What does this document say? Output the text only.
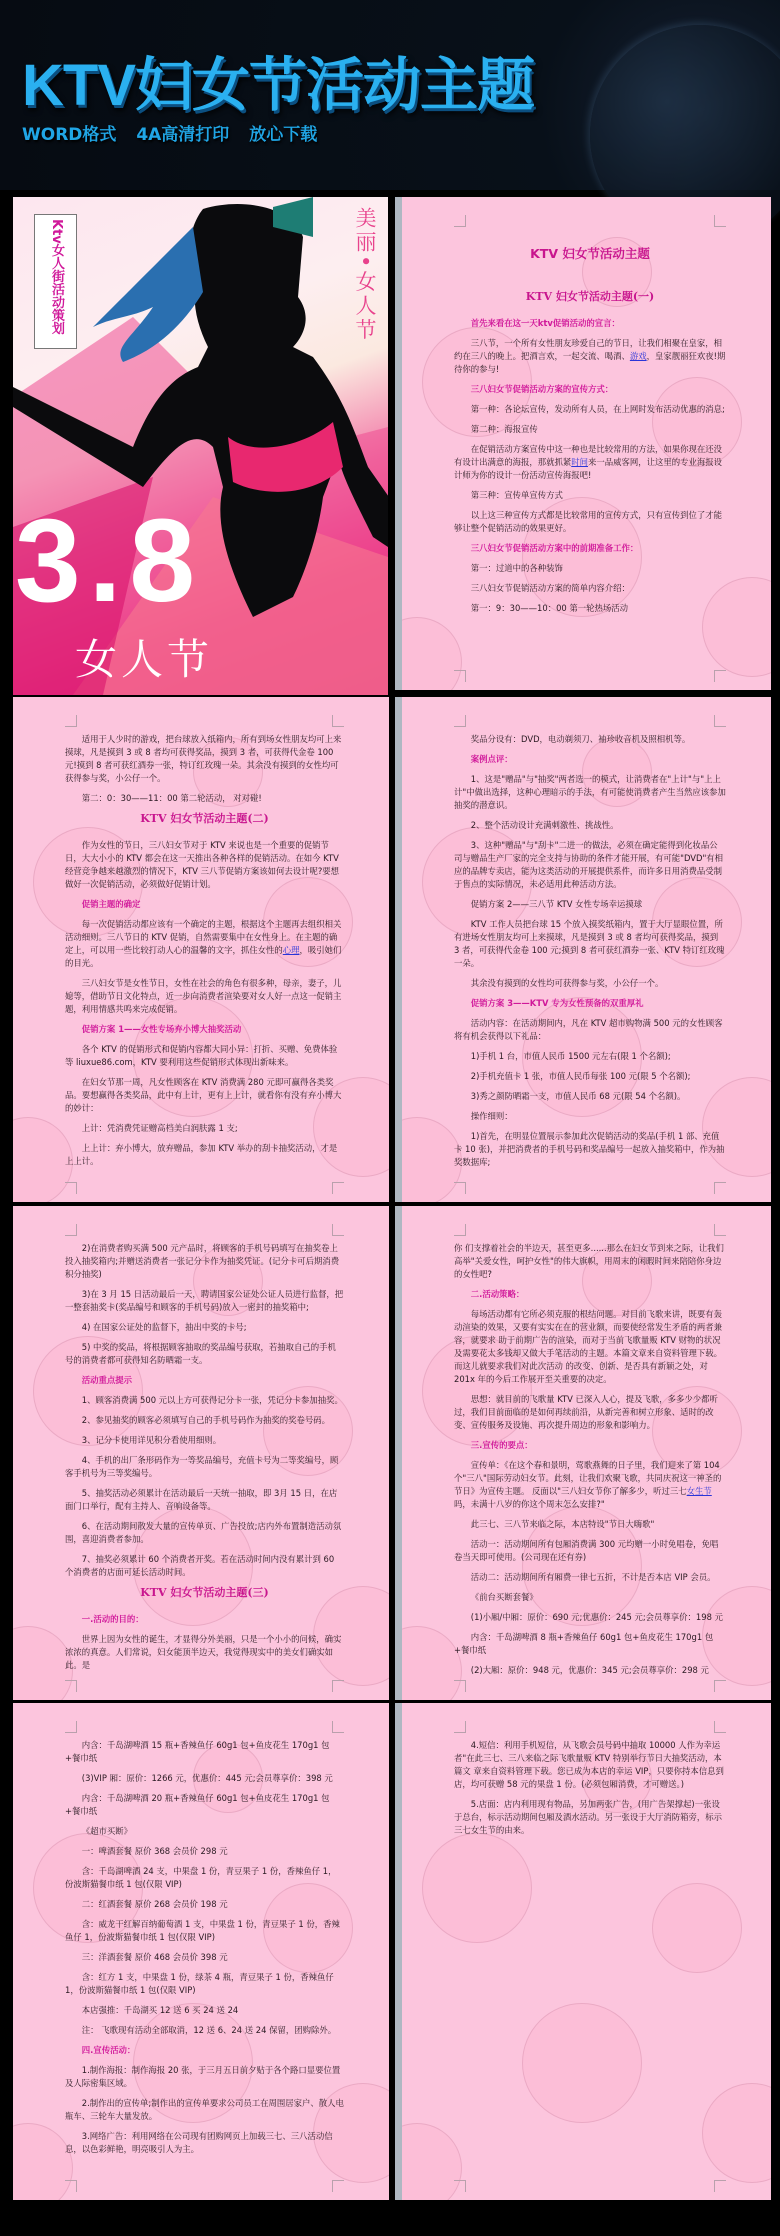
KTV妇女节活动主题
WORD格式 4A高清打印 放心下载
Ktv女人街活动策划	美丽•女人节
3.8
女人节

KTV 妇女节活动主题

KTV 妇女节活动主题(一)

首先来看在这一天ktv促销活动的宣言：

三八节，一个所有女性朋友珍爱自己的节日，让我们相聚在皇家，相约在三八的晚上。把酒言欢，一起交流、喝酒、游戏，皇家靓丽狂欢夜!期待你的参与!

三八妇女节促销活动方案的宣传方式：

第一种：各论坛宣传，发动所有人员，在上网时发布活动优惠的消息;

第二种：海报宣传

在促销活动方案宣传中这一种也是比较常用的方法，如果你现在还没有设计出满意的海报，那就抓紧时间来一品威客网，让这里的专业海报设计师为你的设计一份活动宣传海报吧!

第三种：宣传单宣传方式

以上这三种宣传方式都是比较常用的宣传方式，只有宣传到位了才能够让整个促销活动的效果更好。

三八妇女节促销活动方案中的前期准备工作：

第一：过道中的各种装饰

三八妇女节促销活动方案的简单内容介绍：

第一：9：30——10：00 第一轮热场活动

适用于人少时的游戏，把台球放入纸箱内，所有到场女性朋友均可上来摸球，凡是摸到 3 或 8 者均可获得奖品，摸到 3 者，可获得代金卷 100 元!摸到 8 者可获红酒券一张，特订红玫瑰一朵。其余没有摸到的女性均可获得参与奖，小公仔一个。

第二：0：30——11：00 第二轮活动， 对对碰!

KTV 妇女节活动主题(二)

作为女性的节日，三八妇女节对于 KTV 来说也是一个重要的促销节日，大大小小的 KTV 都会在这一天推出各种各样的促销活动。在如今 KTV 经营竞争越来越激烈的情况下，KTV 三八节促销方案该如何去设计呢?要想做好一次促销活动，必须做好促销计划。

促销主题的确定

每一次促销活动都应该有一个确定的主题，根据这个主题再去组织相关活动细则。三八节日的 KTV 促销，自然需要集中在女性身上。在主题的确定上，可以用一些比较打动人心的温馨的文字，抓住女性的心理，吸引她们的目光。

三八妇女节是女性节日，女性在社会的角色有很多种，母亲，妻子，儿媳等，借助节日文化特点，近一步向消费者渲染要对女人好一点这一促销主题，利用情感共鸣来完成促销。

促销方案 1——女性专场弃小博大抽奖活动

各个 KTV 的促销形式和促销内容都大同小异：打折、买赠、免费体验等 liuxue86.com，KTV 要利用这些促销形式体现出新味来。

在妇女节那一周，凡女性顾客在 KTV 消费满 280 元即可赢得各类奖品。要想赢得各类奖品，此中有上计，更有上上计，就看你有没有弃小博大的妙计：

上计：凭消费凭证赠高档美白润肤露 1 支;

上上计：弃小博大，放弃赠品，参加 KTV 举办的刮卡抽奖活动，才是上上计。

奖品分设有：DVD，电动剃须刀、袖珍收音机及照相机等。

案例点评：

1、这是"赠品"与"抽奖"两者选一的模式，让消费者在"上计"与"上上计"中做出选择，这种心理暗示的手法，有可能使消费者产生当然应该参加抽奖的潜意识。

2、整个活动设计充满刺激性、挑战性。

3、这种"赠品"与"刮卡"二进一的做法，必须在确定能得到化妆品公司与赠品生产厂家的完全支持与协助的条件才能开展，有可能"DVD"有相应的品牌专卖店，能为这类活动的开展提供系件，而许多日用消费品受制于售点的实际情况，未必适用此种活动方法。

促销方案 2——三八节 KTV 女性专场幸运摸球

KTV 工作人员把台球 15 个放入摸奖纸箱内，置于大厅显眼位置，所有进场女性朋友均可上来摸球，凡是摸到 3 或 8 者均可获得奖品，摸到 3 者，可获得代金卷 100 元;摸到 8 者可获红酒券一张、KTV 特订红玫瑰一朵。

其余没有摸到的女性均可获得参与奖，小公仔一个。

促销方案 3——KTV 专为女性预备的双重厚礼

活动内容：在活动期间内，凡在 KTV 超市购物满 500 元的女性顾客将有机会获得以下礼品：

1)手机 1 台，市值人民币 1500 元左右(限 1 个名额);

2)手机充值卡 1 张，市值人民币每张 100 元(限 5 个名额);

3)秀之颜防晒霜一支，市值人民币 68 元(限 54 个名额)。

操作细则：

1)首先，在明显位置展示参加此次促销活动的奖品(手机 1 部、充值卡 10 张)，并把消费者的手机号码和奖品编号一起放入抽奖箱中，作为抽奖数据库;

2)在消费者购买满 500 元产品时，将顾客的手机号码填写在抽奖卷上投入抽奖箱内;并赠送消费者一张记分卡作为抽奖凭证。(记分卡可后期消费积分抽奖)

3)在 3 月 15 日活动最后一天，聘请国家公证处公证人员进行监督，把一整套抽奖卡(奖品编号和顾客的手机号码)放入一密封的抽奖箱中;

4) 在国家公证处的监督下，抽出中奖的卡号;

5) 中奖的奖品，将根据顾客抽取的奖品编号获取，若抽取自己的手机号的消费者都可获得知名防晒霜一支。

活动重点提示

1、顾客消费满 500 元以上方可获得记分卡一张，凭记分卡参加抽奖。

2、参见抽奖的顾客必须填写自己的手机号码作为抽奖的奖卷号码。

3、记分卡使用详见积分看使用细则。

4、手机的出厂条形码作为一等奖品编号，充值卡号为二等奖编号，顾客手机号为三等奖编号。

5、抽奖活动必须累计在活动最后一天统一抽取，即 3月 15 日，在店面门口举行，配有主持人、音响设备等。

6、在活动期间散发大量的宣传单页、广告投放;店内外布置制造活动氛围，喜迎消费者参加。

7、抽奖必须累计 60 个消费者开奖。若在活动时间内没有累计到 60 个消费者的店面可延长活动时间。

KTV 妇女节活动主题(三)

一.活动的目的：

世界上因为女性的诞生，才显得分外美丽，只是一个小小的问候，确实浓浓的真意。人们常说，妇女能顶半边天，我觉得现实中的美女们确实如此。是

你 们支撑着社会的半边天，甚至更多......那么在妇女节到来之际，让我们高举"关爱女性，呵护女性"的伟大旗帜，用周末的闲暇时间来陪陪你身边的女性吧?

二.活动策略：

每场活动都有它所必须克服的根结问题。对目前飞歌来讲，既要有轰动渲染的效果，又要有实实在在的营业额，而要使经常发生矛盾的两者兼容，就要求 助于前期广告的渲染，而对于当前飞歌量贩 KTV 财物的状况及需要花太多钱却又做大手笔活动的主题。本篇文章来自资料管理下载。而这儿就要求我们对此次活动 的改变、创新、是否具有新颖之处，对 201x 年的今后工作展开至关重要的决定。

思想：就目前的飞歌量 KTV 已深入人心，提及飞歌，多多少少都听过，我们目前面临的是如何再续前沿，从新完善和树立形象、适时的改变、宣传服务及设施、再次提升周边的形象和影响力。

三.宣传的要点：

宣传单：《在这个春和景明，莺歌燕舞的日子里，我们迎来了第 104 个"三八"国际劳动妇女节。此刻，让我们欢聚飞歌，共同庆祝这一神圣的节日》为宣传主题。 反面以"三八妇女节你了解多少，听过三七女生节吗，未满十八岁的你这个周末怎么安排?"

此三七、三八节来临之际，本店特设"节日大嗨歌"

活动一：活动期间所有包厢消费满 300 元均赠一小时免唱卷，免唱卷当天即可使用。(公司现在还有券)

活动二：活动期间所有厢费一律七五折，不计是否本店 VIP 会员。

《前台买断套餐》

(1)小厢/中厢：原价：690 元;优惠价：245 元;会员尊享价：198 元

内含：千岛湖啤酒 8 瓶+香辣鱼仔 60g1 包+鱼皮花生 170g1 包+餐巾纸

(2)大厢：原价：948 元，优惠价：345 元;会员尊享价：298 元

内含：千岛湖啤酒 15 瓶+香辣鱼仔 60g1 包+鱼皮花生 170g1 包+餐巾纸

(3)VIP 厢：原价：1266 元，优惠价：445 元;会员尊享价：398 元

内含：千岛湖啤酒 20 瓶+香辣鱼仔 60g1 包+鱼皮花生 170g1 包+餐巾纸

《超市买断》

一：啤酒套餐 原价 368 会员价 298 元

含：千岛湖啤酒 24 支，中果盘 1 份，青豆果子 1 份，香辣鱼仔 1，份波斯猫餐巾纸 1 包(仅限 VIP)

二：红酒套餐 原价 268 会员价 198 元

含：威龙干红解百纳葡萄酒 1 支，中果盘 1 份，青豆果子 1 份，香辣鱼仔 1，份波斯猫餐巾纸 1 包(仅限 VIP)

三：洋酒套餐 原价 468 会员价 398 元

含：红方 1 支，中果盘 1 份，绿茶 4 瓶，青豆果子 1 份，香辣鱼仔 1，份波斯猫餐巾纸 1 包(仅限 VIP)

本店强推：千岛湖买 12 送 6 买 24 送 24

注： 飞歌现有活动全部取消，12 送 6、24 送 24 保留，团购除外。

四.宣传活动：

1.制作海报：制作海报 20 张，于三月五日前夕贴于各个路口显要位置及人际密集区域。

2.制作出的宣传单;制作出的宣传单要求公司员工在周围居家户、散人电瓶车、三轮车大量发放。

3.网络广告：利用网络在公司现有团购网页上加载三七、三八活动信息，以色彩鲜艳，明亮吸引人为主。

4.短信：利用手机短信，从飞歌会员号码中抽取 10000 人作为幸运者"在此三七、三八来临之际飞歌量贩 KTV 特别举行节日大抽奖活动，本篇文 章来自资料管理下载。您已成为本店的幸运 VIP，只要你持本信息到店，均可获赠 58 元的果盘 1 份。(必须包厢消费，才可赠送。)

5.店面：店内利用现有物品，另加两张广告，(用广告架撑起)一张设于总台，标示活动期间包厢及酒水活动。另一张设于大厅消防箱旁，标示三七女生节的由来。
